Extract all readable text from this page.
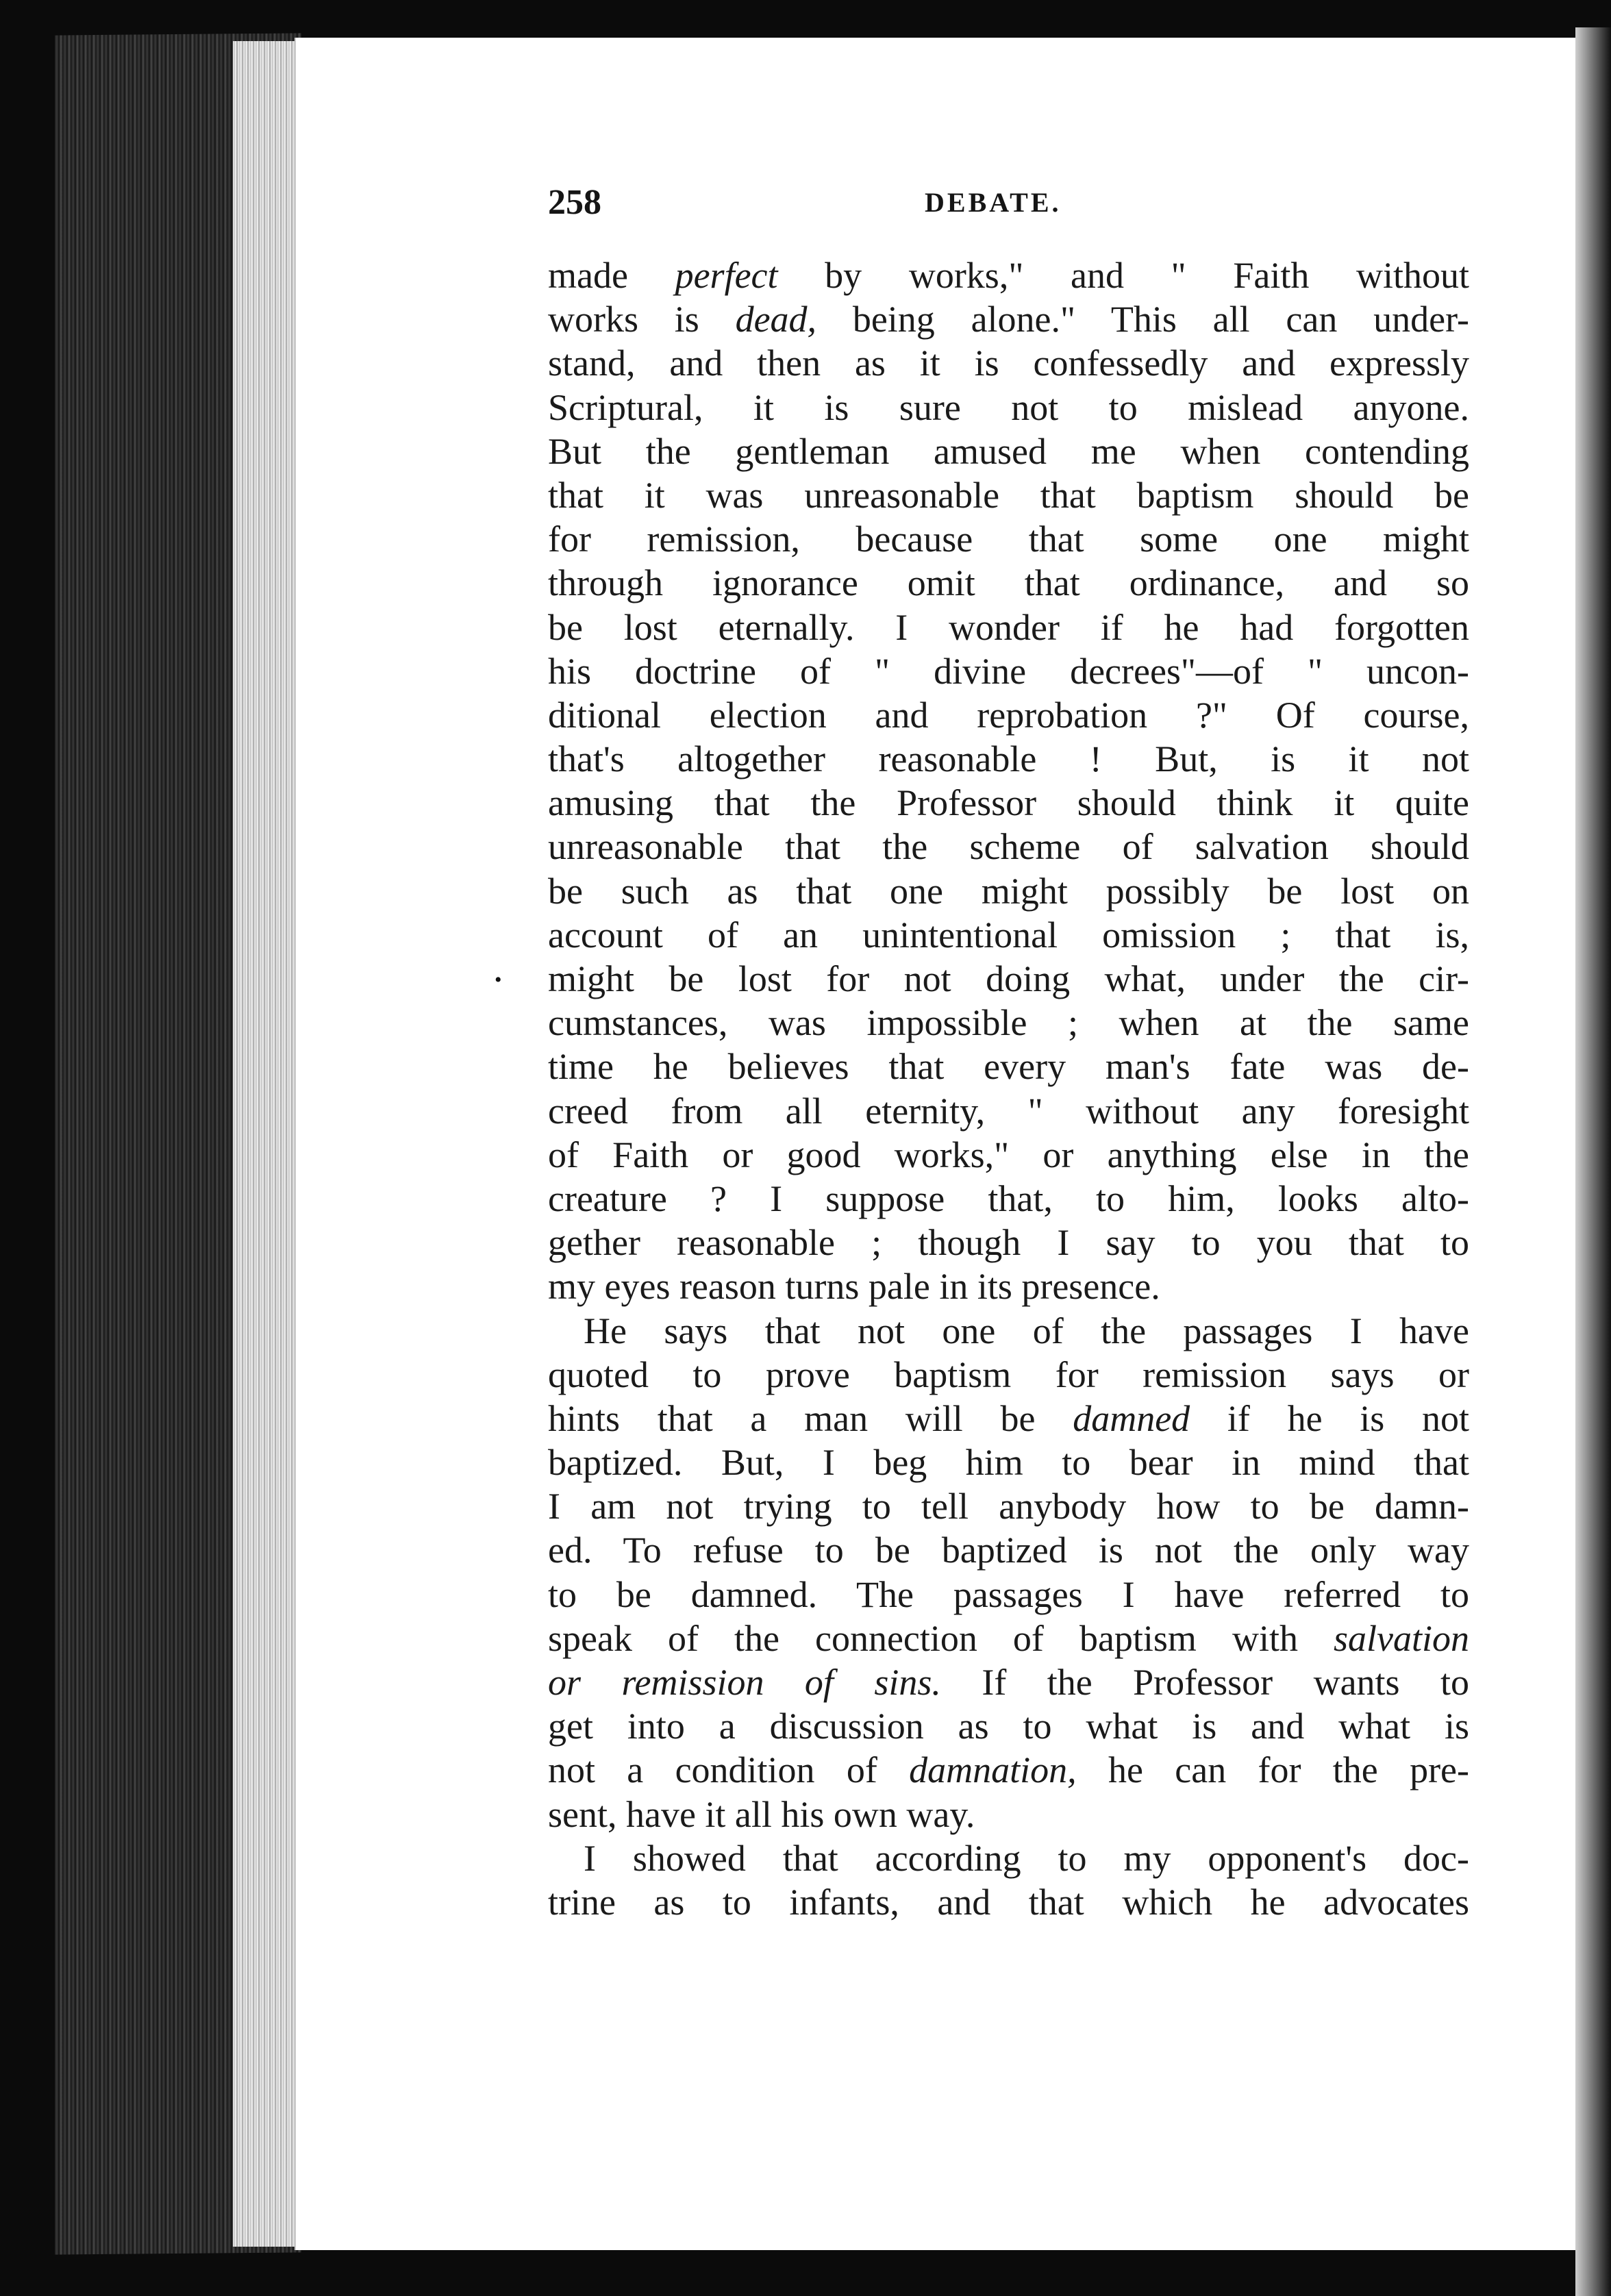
258	DEBATE.
•
made perfect by works," and " Faith without
works is dead, being alone." This all can under-
stand, and then as it is confessedly and expressly
Scriptural, it is sure not to mislead anyone.
But the gentleman amused me when contending
that it was unreasonable that baptism should be
for remission, because that some one might
through ignorance omit that ordinance, and so
be lost eternally. I wonder if he had forgotten
his doctrine of " divine decrees"—of " uncon-
ditional election and reprobation ?" Of course,
that's altogether reasonable ! But, is it not
amusing that the Professor should think it quite
unreasonable that the scheme of salvation should
be such as that one might possibly be lost on
account of an unintentional omission ; that is,
might be lost for not doing what, under the cir-
cumstances, was impossible ; when at the same
time he believes that every man's fate was de-
creed from all eternity, " without any foresight
of Faith or good works," or anything else in the
creature ? I suppose that, to him, looks alto-
gether reasonable ; though I say to you that to
my eyes reason turns pale in its presence.
He says that not one of the passages I have
quoted to prove baptism for remission says or
hints that a man will be damned if he is not
baptized. But, I beg him to bear in mind that
I am not trying to tell anybody how to be damn-
ed. To refuse to be baptized is not the only way
to be damned. The passages I have referred to
speak of the connection of baptism with salvation
or remission of sins. If the Professor wants to
get into a discussion as to what is and what is
not a condition of damnation, he can for the pre-
sent, have it all his own way.
I showed that according to my opponent's doc-
trine as to infants, and that which he advocates
